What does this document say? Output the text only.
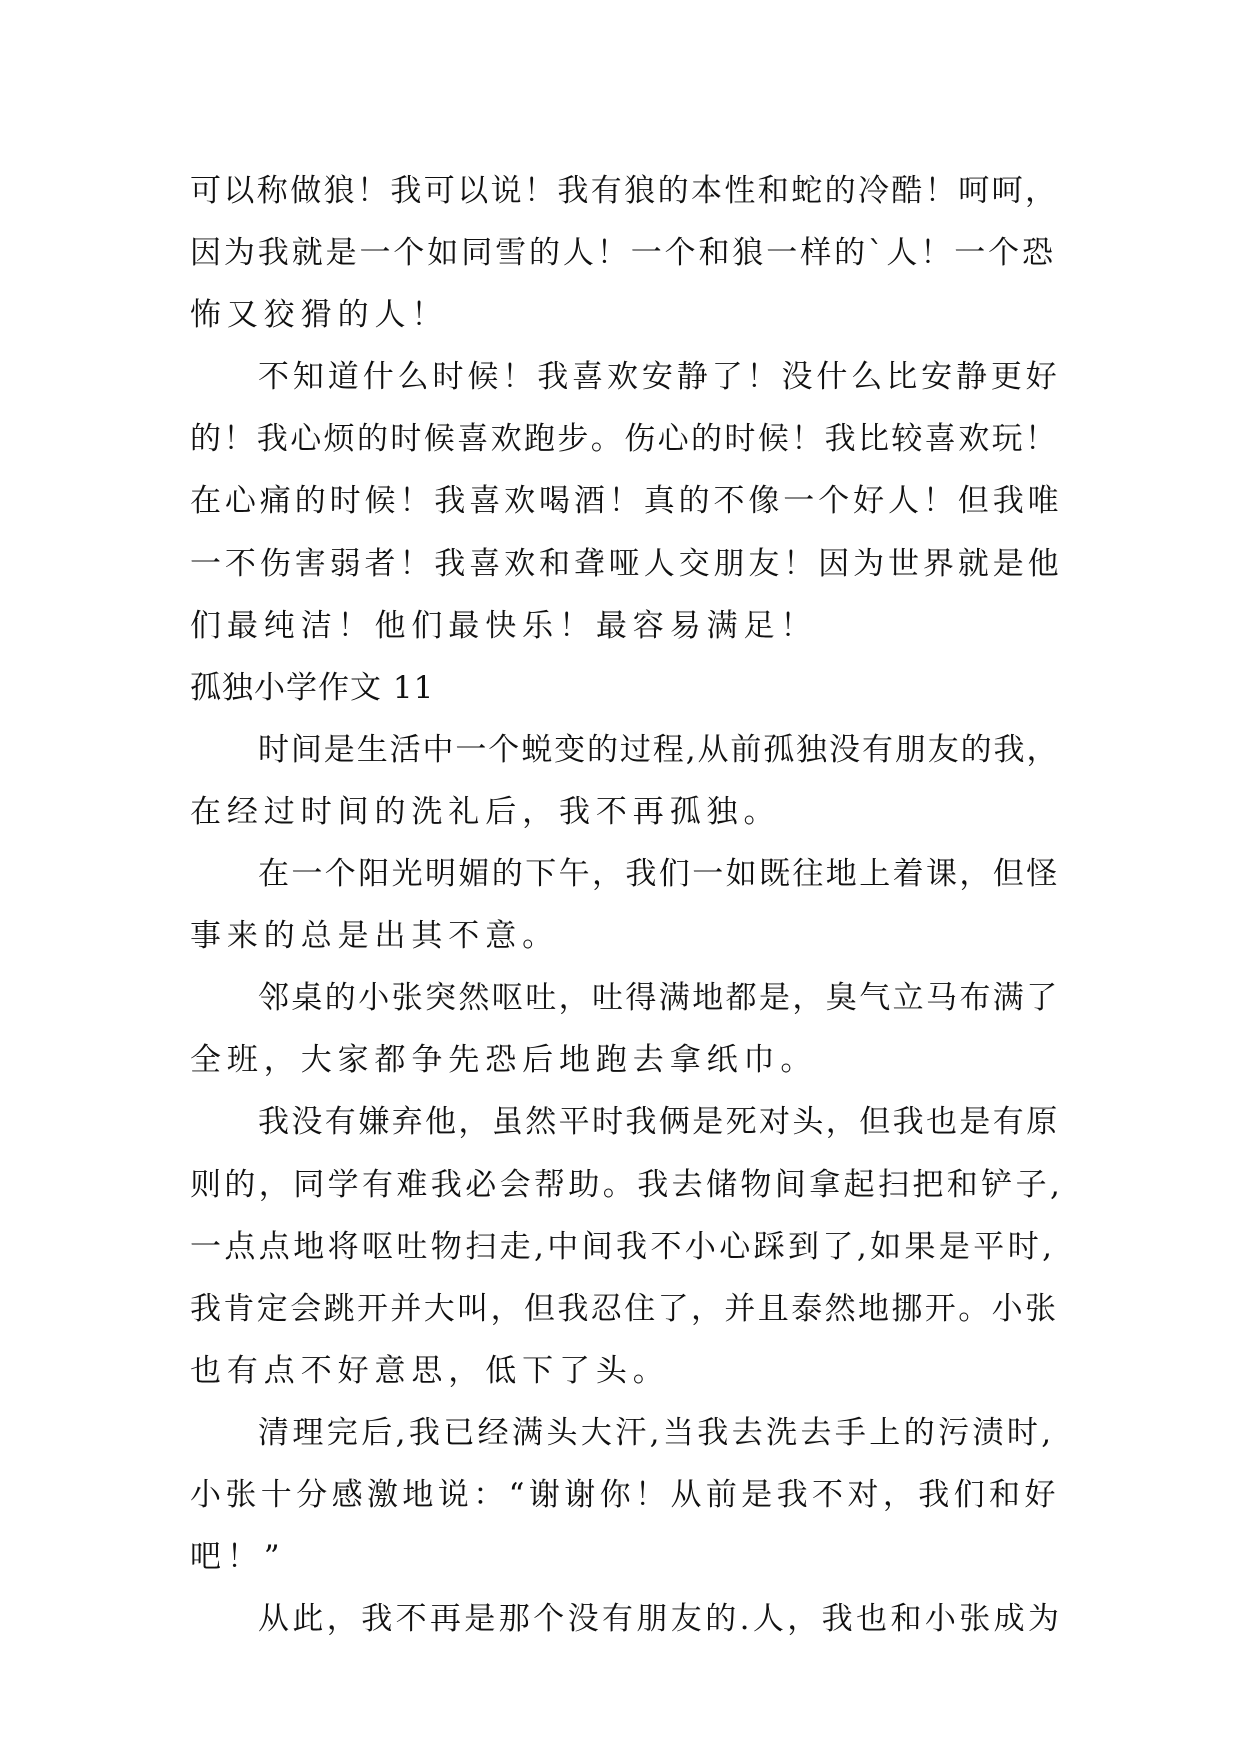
可以称做狼！我可以说！我有狼的本性和蛇的冷酷！呵呵，
因为我就是一个如同雪的人！一个和狼一样的`人！一个恐
怖又狡猾的人！
不知道什么时候！我喜欢安静了！没什么比安静更好
的！我心烦的时候喜欢跑步。伤心的时候！我比较喜欢玩！
在心痛的时候！我喜欢喝酒！真的不像一个好人！但我唯
一不伤害弱者！我喜欢和聋哑人交朋友！因为世界就是他
们最纯洁！他们最快乐！最容易满足！
孤独小学作文 11
时间是生活中一个蜕变的过程,从前孤独没有朋友的我，
在经过时间的洗礼后，我不再孤独。
在一个阳光明媚的下午，我们一如既往地上着课，但怪
事来的总是出其不意。
邻桌的小张突然呕吐，吐得满地都是，臭气立马布满了
全班，大家都争先恐后地跑去拿纸巾。
我没有嫌弃他，虽然平时我俩是死对头，但我也是有原
则的，同学有难我必会帮助。我去储物间拿起扫把和铲子,
一点点地将呕吐物扫走,中间我不小心踩到了,如果是平时,
我肯定会跳开并大叫，但我忍住了，并且泰然地挪开。小张
也有点不好意思，低下了头。
清理完后,我已经满头大汗,当我去洗去手上的污渍时,
小张十分感激地说：“谢谢你！从前是我不对，我们和好
吧！”
从此，我不再是那个没有朋友的.人，我也和小张成为
